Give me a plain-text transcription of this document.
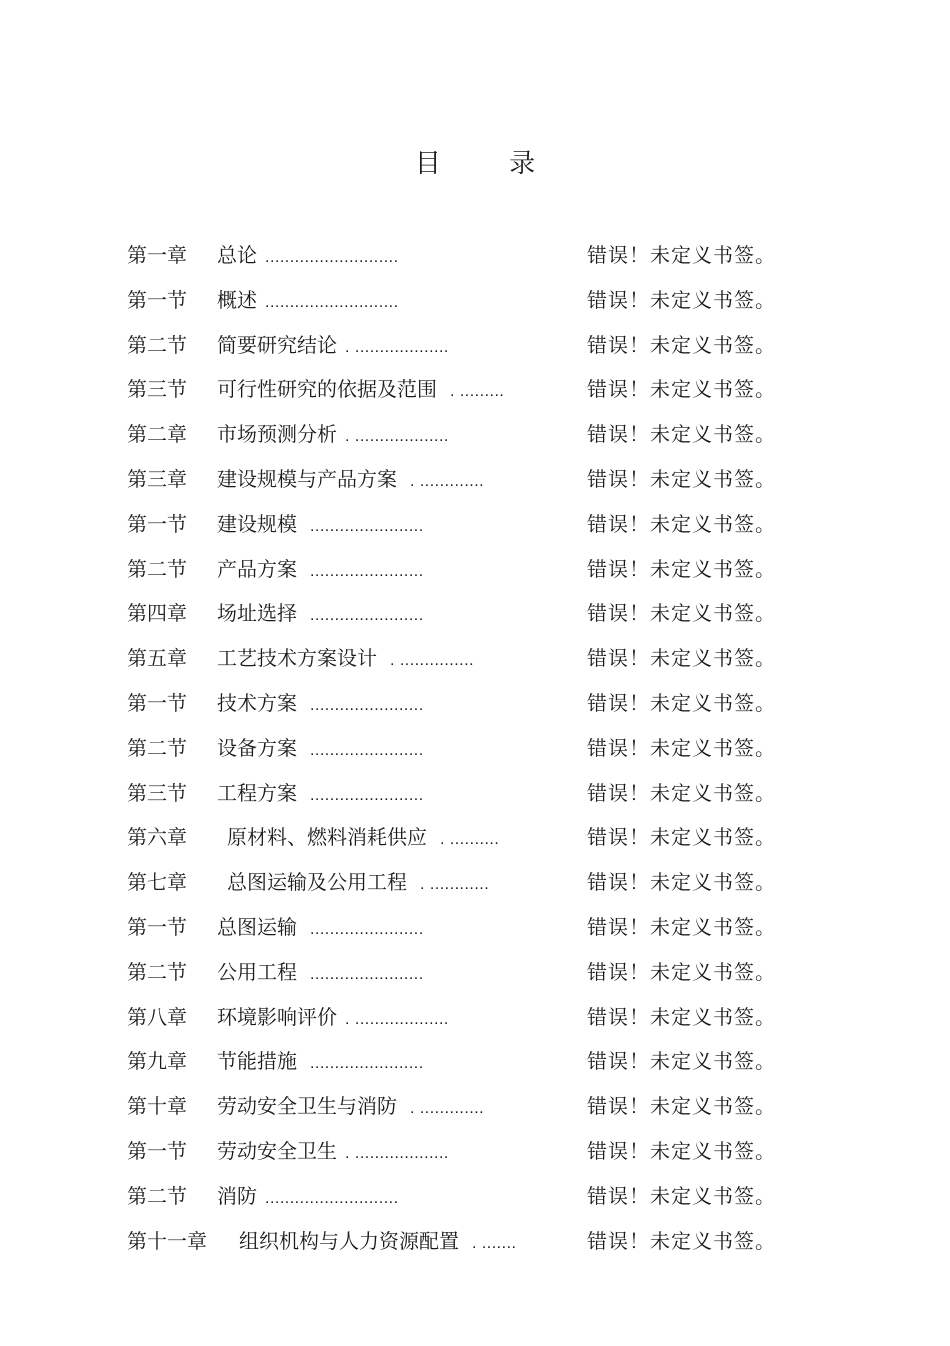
目 录
第一章 总论 ...........................	错误！未定义书签。
第一节 概述 ...........................	错误！未定义书签。
第二节 简要研究结论 . ...................	错误！未定义书签。
第三节 可行性研究的依据及范围 . .........	错误！未定义书签。
第二章 市场预测分析 . ...................	错误！未定义书签。
第三章 建设规模与产品方案 . .............	错误！未定义书签。
第一节 建设规模 .......................	错误！未定义书签。
第二节 产品方案 .......................	错误！未定义书签。
第四章 场址选择 .......................	错误！未定义书签。
第五章 工艺技术方案设计 . ...............	错误！未定义书签。
第一节 技术方案 .......................	错误！未定义书签。
第二节 设备方案 .......................	错误！未定义书签。
第三节 工程方案 .......................	错误！未定义书签。
第六章 原材料、燃料消耗供应 . ..........	错误！未定义书签。
第七章 总图运输及公用工程 . ............	错误！未定义书签。
第一节 总图运输 .......................	错误！未定义书签。
第二节 公用工程 .......................	错误！未定义书签。
第八章 环境影响评价 . ...................	错误！未定义书签。
第九章 节能措施 .......................	错误！未定义书签。
第十章 劳动安全卫生与消防 . .............	错误！未定义书签。
第一节 劳动安全卫生 . ...................	错误！未定义书签。
第二节 消防 ...........................	错误！未定义书签。
第十一章 组织机构与人力资源配置 . .......	错误！未定义书签。
